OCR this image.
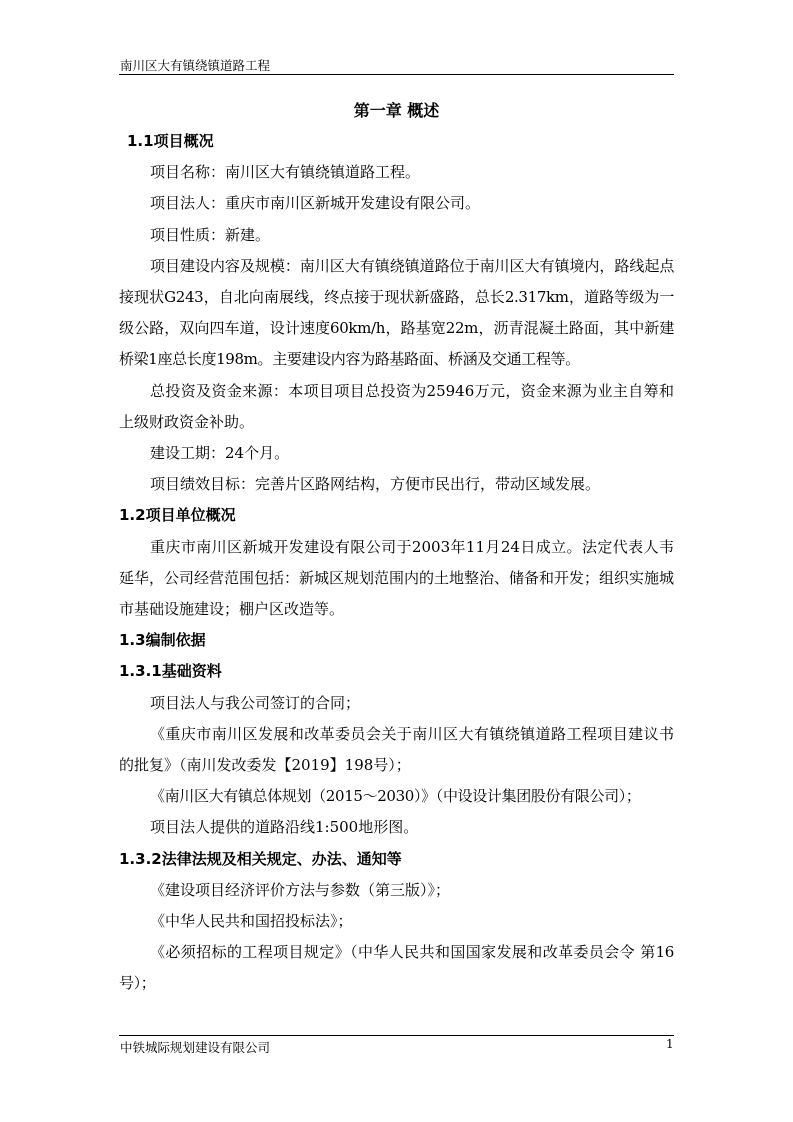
南川区大有镇绕镇道路工程
第一章 概述
1.1项目概况

项目名称：南川区大有镇绕镇道路工程。

项目法人：重庆市南川区新城开发建设有限公司。

项目性质：新建。

项目建设内容及规模：南川区大有镇绕镇道路位于南川区大有镇境内，路线起点接现状G243，自北向南展线，终点接于现状新盛路，总长2.317km，道路等级为一级公路，双向四车道，设计速度60km/h，路基宽22m，沥青混凝土路面，其中新建桥梁1座总长度198m。主要建设内容为路基路面、桥涵及交通工程等。

总投资及资金来源：本项目项目总投资为25946万元，资金来源为业主自筹和上级财政资金补助。

建设工期：24个月。

项目绩效目标：完善片区路网结构，方便市民出行，带动区域发展。

1.2项目单位概况

重庆市南川区新城开发建设有限公司于2003年11月24日成立。法定代表人韦延华，公司经营范围包括：新城区规划范围内的土地整治、储备和开发；组织实施城市基础设施建设；棚户区改造等。

1.3编制依据
1.3.1基础资料

项目法人与我公司签订的合同；

《重庆市南川区发展和改革委员会关于南川区大有镇绕镇道路工程项目建议书的批复》（南川发改委发【2019】198号）；

《南川区大有镇总体规划（2015～2030）》（中设设计集团股份有限公司）；

项目法人提供的道路沿线1:500地形图。

1.3.2法律法规及相关规定、办法、通知等

《建设项目经济评价方法与参数（第三版）》；

《中华人民共和国招投标法》；

《必须招标的工程项目规定》（中华人民共和国国家发展和改革委员会令 第16号）；

中铁城际规划建设有限公司	1
